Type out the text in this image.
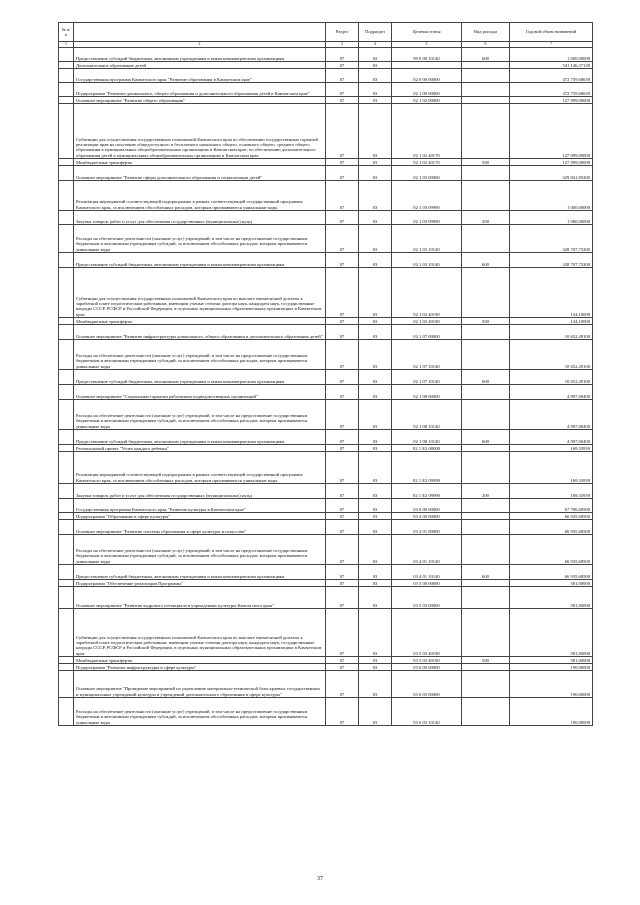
№ п/п		Раздел	Подраздел	Целевая статья	Вид расхода	Годовой объем назначений
1	2	3	4	5	6	7
	Предоставление субсидий бюджетным, автономным учреждениям и иным некоммерческим организациям	07	02	99 0 00 10140	600	1 000,00000
	Дополнительное образование детей	07	03			541 146,37139
	Государственная программа Камчатского края "Развитие образования в Камчатском крае"	07	03	02 0 00 00000		472 759,68639
	Подпрограмма "Развитие дошкольного, общего образования и дополнительного образования детей в Камчатском крае"	07	03	02 1 00 00000		472 759,68639
	Основное мероприятие "Развитие общего образования"	07	03	02 1 02 00000		127 099,00000
	Субвенции для осуществления государственных полномочий Камчатского края по обеспечению государственных гарантий реализации прав на получение общедоступного и бесплатного начального общего, основного общего, среднего общего образования в муниципальных общеобразовательных организациях в Камчатском крае, по обеспечению дополнительного образования детей в муниципальных общеобразовательных организациях в Камчатском крае	07	03	02 1 02 40170		127 099,00000
	Межбюджетные трансферты	07	03	02 1 02 40170	500	127 099,00000
	Основное мероприятие "Развитие сферы дополнительного образования и социализации детей"	07	03	02 1 03 00000		329 841,85200
	Реализация мероприятий соответствующей подпрограммы в рамках соответствующей государственной программы Камчатского края, за исключением обособленных расходов, которым присваиваются уникальные коды	07	03	02 1 03 09990		1 000,00000
	Закупка товаров, работ и услуг для обеспечения государственных (муниципальных) нужд	07	03	02 1 03 09990	200	1 000,00000
	Расходы на обеспечение деятельности (оказание услуг) учреждений, в том числе на предоставление государственным бюджетным и автономным учреждениям субсидий, за исключением обособленных расходов, которым присваиваются уникальные коды	07	03	02 1 03 10140		328 707,75200
	Предоставление субсидий бюджетным, автономным учреждениям и иным некоммерческим организациям	07	03	02 1 03 10140	600	328 707,75200
	Субвенции для осуществления государственных полномочий Камчатского края по выплате ежемесячной доплаты к заработной плате педагогическим работникам, имеющим ученые степени доктора наук, кандидата наук, государственные награды СССР, РСФСР и Российской Федерации, в отдельных муниципальных образовательных организациях в Камчатском крае	07	03	02 1 03 40190		134,10000
	Межбюджетные трансферты	07	03	02 1 03 40190	500	134,10000
	Основное мероприятие "Развитие инфраструктуры дошкольного, общего образования и дополнительного образования детей"	07	03	02 1 07 00000		10 652,49100
	Расходы на обеспечение деятельности (оказание услуг) учреждений, в том числе на предоставление государственным бюджетным и автономным учреждениям субсидий, за исключением обособленных расходов, которым присваиваются уникальные коды	07	03	02 1 07 10140		10 652,49100
	Предоставление субсидий бюджетным, автономным учреждениям и иным некоммерческим организациям	07	03	02 1 07 10140	600	10 652,49100
	Основное мероприятие "Социальные гарантии работникам подведомственных организаций"	07	03	02 1 08 00000		4 997,00400
	Расходы на обеспечение деятельности (оказание услуг) учреждений, в том числе на предоставление государственным бюджетным и автономным учреждениям субсидий, за исключением обособленных расходов, которым присваиваются уникальные коды	07	03	02 1 08 10140		4 997,00400
	Предоставление субсидий бюджетным, автономным учреждениям и иным некоммерческим организациям	07	03	02 1 08 10140	600	4 997,00400
	Региональный проект "Успех каждого ребенка"	07	03	02 1 E2 00000		169,33939
	Реализация мероприятий соответствующей подпрограммы в рамках соответствующей государственной программы Камчатского края, за исключением обособленных расходов, которым присваиваются уникальные коды	07	03	02 1 E2 09990		169,33939
	Закупка товаров, работ и услуг для обеспечения государственных (муниципальных) нужд	07	03	02 1 E2 09990	200	169,33939
	Государственная программа Камчатского края "Развитие культуры в Камчатском крае"	07	03	03 0 00 00000		67 706,68500
	Подпрограмма "Образование в сфере культуры"	07	03	03 4 00 00000		66 935,68500
	Основное мероприятие "Развитие системы образования в сфере культуры и искусства"	07	03	03 4 01 00000		66 935,68500
	Расходы на обеспечение деятельности (оказание услуг) учреждений, в том числе на предоставление государственным бюджетным и автономным учреждениям субсидий, за исключением обособленных расходов, которым присваиваются уникальные коды	07	03	03 4 01 10140		66 935,68500
	Предоставление субсидий бюджетным, автономным учреждениям и иным некоммерческим организациям	07	03	03 4 01 10140	600	66 935,68500
	Подпрограмма "Обеспечение реализации Программы"	07	03	03 5 00 00000		581,00000
	Основное мероприятие "Развитие кадрового потенциала в учреждениях культуры Камчатского края"	07	03	03 5 03 00000		581,00000
	Субвенции для осуществления государственных полномочий Камчатского края по выплате ежемесячной доплаты к заработной плате педагогическим работникам, имеющим ученые степени доктора наук, кандидата наук, государственные награды СССР, РСФСР и Российской Федерации, в отдельных муниципальных образовательных организациях в Камчатском крае	07	03	03 5 03 40190		581,00000
	Межбюджетные трансферты	07	03	03 5 03 40190	500	581,00000
	Подпрограмма "Развитие инфраструктуры в сфере культуры"	07	03	03 6 00 00000		190,00000
	Основное мероприятие "Проведение мероприятий по укреплению материально-технической базы краевых государственных и муниципальных учреждений культуры и учреждений дополнительного образования в сфере культуры"	07	03	03 6 03 00000		190,00000
	Расходы на обеспечение деятельности (оказание услуг) учреждений, в том числе на предоставление государственным бюджетным и автономным учреждениям субсидий, за исключением обособленных расходов, которым присваиваются уникальные коды	07	03	03 6 03 10140		190,00000
37
